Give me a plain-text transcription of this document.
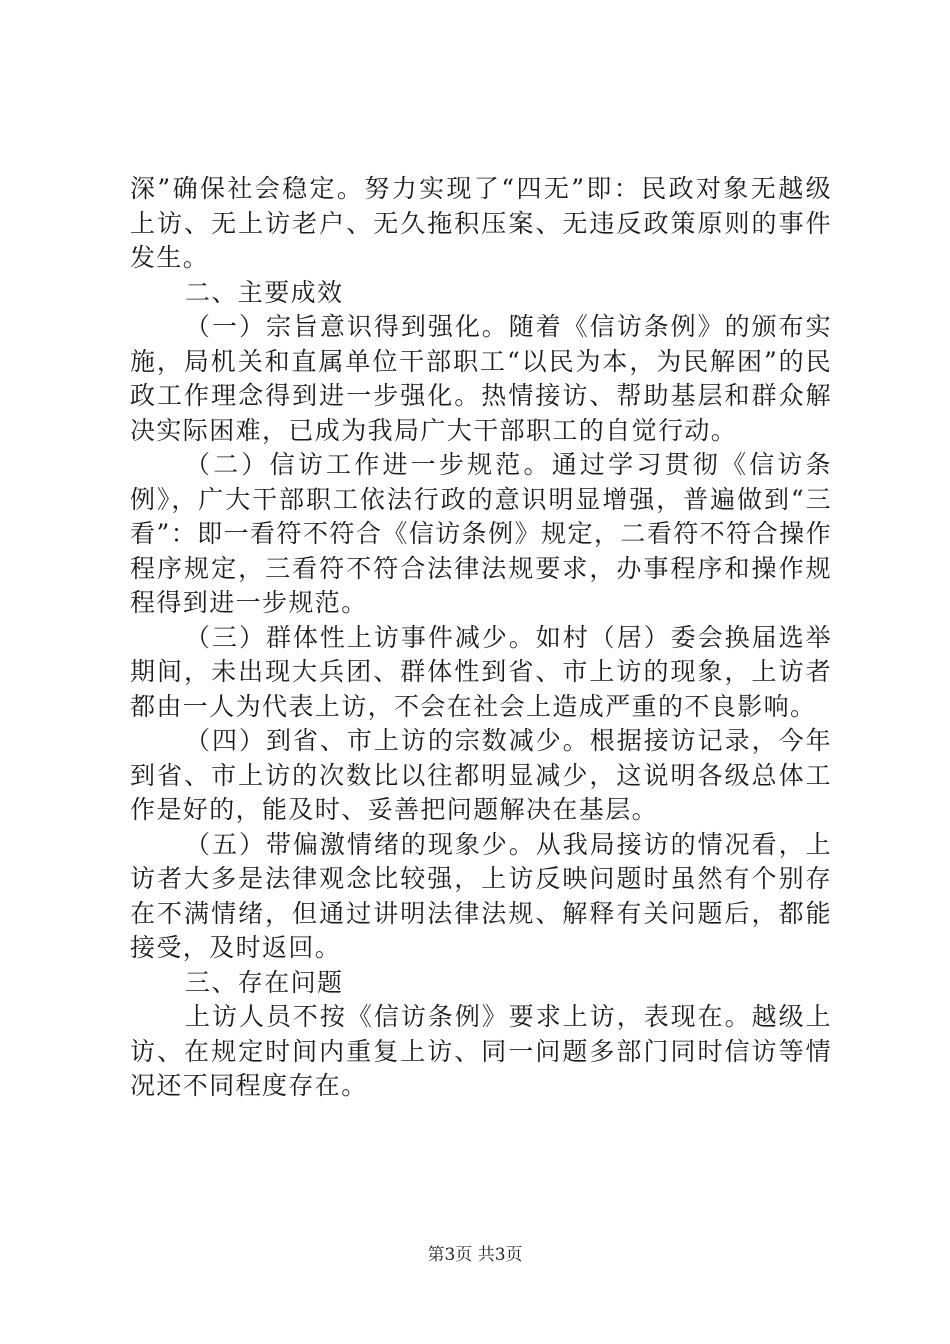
深”确保社会稳定。努力实现了“四无”即：民政对象无越级上访、无上访老户、无久拖积压案、无违反政策原则的事件发生。

二、主要成效

（一）宗旨意识得到强化。随着《信访条例》的颁布实施，局机关和直属单位干部职工“以民为本，为民解困”的民政工作理念得到进一步强化。热情接访、帮助基层和群众解决实际困难，已成为我局广大干部职工的自觉行动。

（二）信访工作进一步规范。通过学习贯彻《信访条例》，广大干部职工依法行政的意识明显增强，普遍做到“三看”：即一看符不符合《信访条例》规定，二看符不符合操作程序规定，三看符不符合法律法规要求，办事程序和操作规程得到进一步规范。

（三）群体性上访事件减少。如村（居）委会换届选举期间，未出现大兵团、群体性到省、市上访的现象，上访者都由一人为代表上访，不会在社会上造成严重的不良影响。

（四）到省、市上访的宗数减少。根据接访记录，今年到省、市上访的次数比以往都明显减少，这说明各级总体工作是好的，能及时、妥善把问题解决在基层。

（五）带偏激情绪的现象少。从我局接访的情况看，上访者大多是法律观念比较强，上访反映问题时虽然有个别存在不满情绪，但通过讲明法律法规、解释有关问题后，都能接受，及时返回。

三、存在问题

上访人员不按《信访条例》要求上访，表现在。越级上访、在规定时间内重复上访、同一问题多部门同时信访等情况还不同程度存在。

第3页 共3页
